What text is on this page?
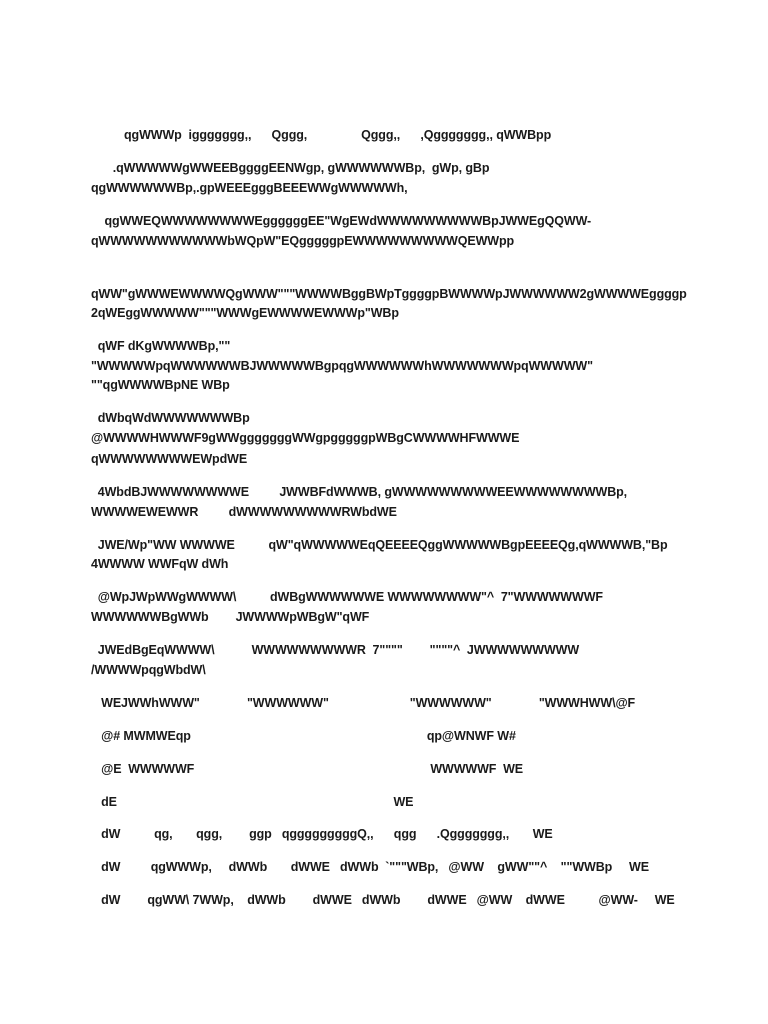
qgWWWp  iggggggg,,      Qggg,                Qggg,,      ,Qggggggg,, qWWBpp
.qWWWWWgWWEEBggggEENWgp, gWWWWWWBp,  gWp, gBp
qgWWWWWWBp,.gpWEEEgggBEEEWWgWWWWWh,
qgWWEQWWWWWWWWEggggggEE"WgEWdWWWWWWWWWBpJWWEgQQWW-
qWWWWWWWWWWWbWQpW"EQgggggpEWWWWWWWWWQEWWpp
qWW"gWWWEWWWWQgWWW"""WWWWBggBWpTggggpBWWWWpJWWWWWW2gWWWWEggggp
2qWEggWWWWW"""WWWgEWWWWEWWWp"WBp
qWF dKgWWWWBp,""
"WWWWWpqWWWWWWBJWWWWWBgpqgWWWWWWhWWWWWWWpqWWWWW"
""qgWWWWBpNE WBp
dWbqWdWWWWWWWBp
@WWWWHWWWF9gWWgggggggWWgpgggggpWBgCWWWWHFWWWE
qWWWWWWWWEWpdWE
4WbdBJWWWWWWWWE         JWWBFdWWWB, gWWWWWWWWWEEWWWWWWWWBp,
WWWWEWEWWR         dWWWWWWWWWRWbdWE
JWE/Wp"WW WWWWE          qW"qWWWWWEqQEEEEQggWWWWWBgpEEEEQg,qWWWWB,"Bp
4WWWW WWFqW dWh
@WpJWpWWgWWWW\          dWBgWWWWWWE WWWWWWWW"^  7"WWWWWWWF
WWWWWWBgWWb        JWWWWpWBgW"qWF
JWEdBgEqWWWW\           WWWWWWWWWR  7""""        """"^  JWWWWWWWWW
/WWWWpqgWbdW\
WEJWWhWWW"              "WWWWWW"                        "WWWWWW"              "WWWHWW\@F
@# MWMWEqp                                                                      qp@WNWF W#
@E  WWWWWF                                                                      WWWWWF  WE
dE                                                                                  WE
dW          qg,       qgg,        ggp   qgggggggggQ,,      qgg      .Qggggggg,,       WE
dW         qgWWWp,     dWWb       dWWE   dWWb  `"""WBp,   @WW    gWW""^    ""WWBp     WE
dW        qgWW\ 7WWp,    dWWb        dWWE   dWWb        dWWE   @WW    dWWE          @WW-     WE
